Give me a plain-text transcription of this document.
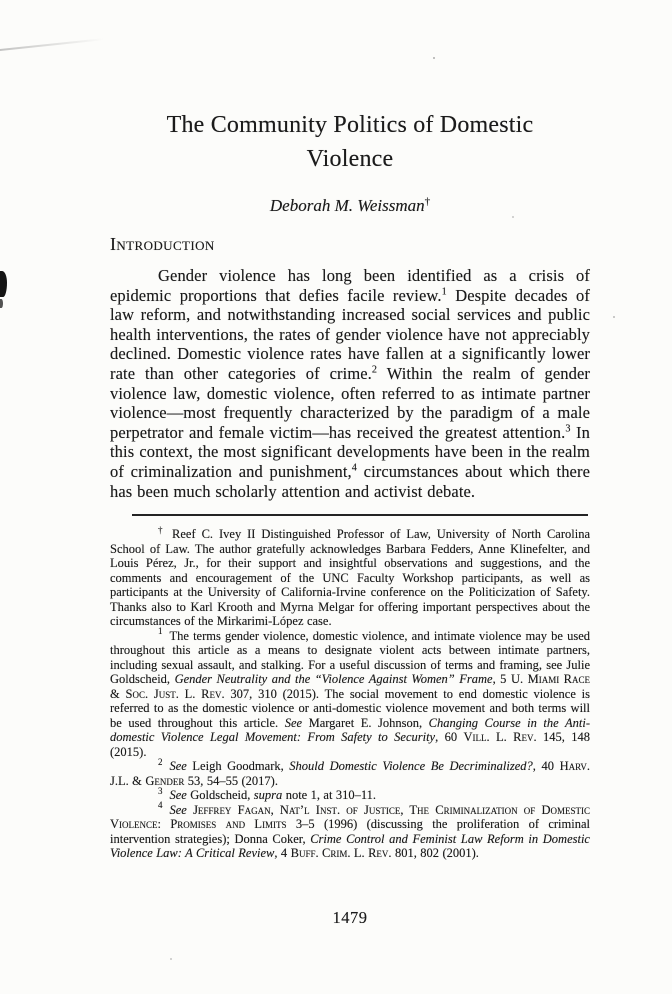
The Community Politics of Domestic
Violence
Deborah M. Weissman†
Introduction

Gender violence has long been identified as a crisis of epidemic proportions that defies facile review.$^1$ Despite decades of law reform, and notwithstanding increased social services and public health interventions, the rates of gender violence have not appreciably declined. Domestic violence rates have fallen at a significantly lower rate than other categories of crime.$^2$ Within the realm of gender violence law, domestic violence, often referred to as intimate partner violence—most frequently characterized by the paradigm of a male perpetrator and female victim—has received the greatest attention.$^3$ In this context, the most significant developments have been in the realm of criminalization and punishment,$^4$ circumstances about which there has been much scholarly attention and activist debate.

† Reef C. Ivey II Distinguished Professor of Law, University of North Carolina School of Law. The author gratefully acknowledges Barbara Fedders, Anne Klinefelter, and Louis Pérez, Jr., for their support and insightful observations and suggestions, and the comments and encouragement of the UNC Faculty Workshop participants, as well as participants at the University of California-Irvine conference on the Politicization of Safety. Thanks also to Karl Krooth and Myrna Melgar for offering important perspectives about the circumstances of the Mirkarimi-López case.

$^1$ The terms gender violence, domestic violence, and intimate violence may be used throughout this article as a means to designate violent acts between intimate partners, including sexual assault, and stalking. For a useful discussion of terms and framing, see Julie Goldscheid, Gender Neutrality and the “Violence Against Women” Frame, 5 U. Miami Race & Soc. Just. L. Rev. 307, 310 (2015). The social movement to end domestic violence is referred to as the domestic violence or anti-domestic violence movement and both terms will be used throughout this article. See Margaret E. Johnson, Changing Course in the Anti-domestic Violence Legal Movement: From Safety to Security, 60 Vill. L. Rev. 145, 148 (2015).

$^2$ See Leigh Goodmark, Should Domestic Violence Be Decriminalized?, 40 Harv. J.L. & Gender 53, 54–55 (2017).

$^3$ See Goldscheid, supra note 1, at 310–11.

$^4$ See Jeffrey Fagan, Nat’l Inst. of Justice, The Criminalization of Domestic Violence: Promises and Limits 3–5 (1996) (discussing the proliferation of criminal intervention strategies); Donna Coker, Crime Control and Feminist Law Reform in Domestic Violence Law: A Critical Review, 4 Buff. Crim. L. Rev. 801, 802 (2001).

1479
